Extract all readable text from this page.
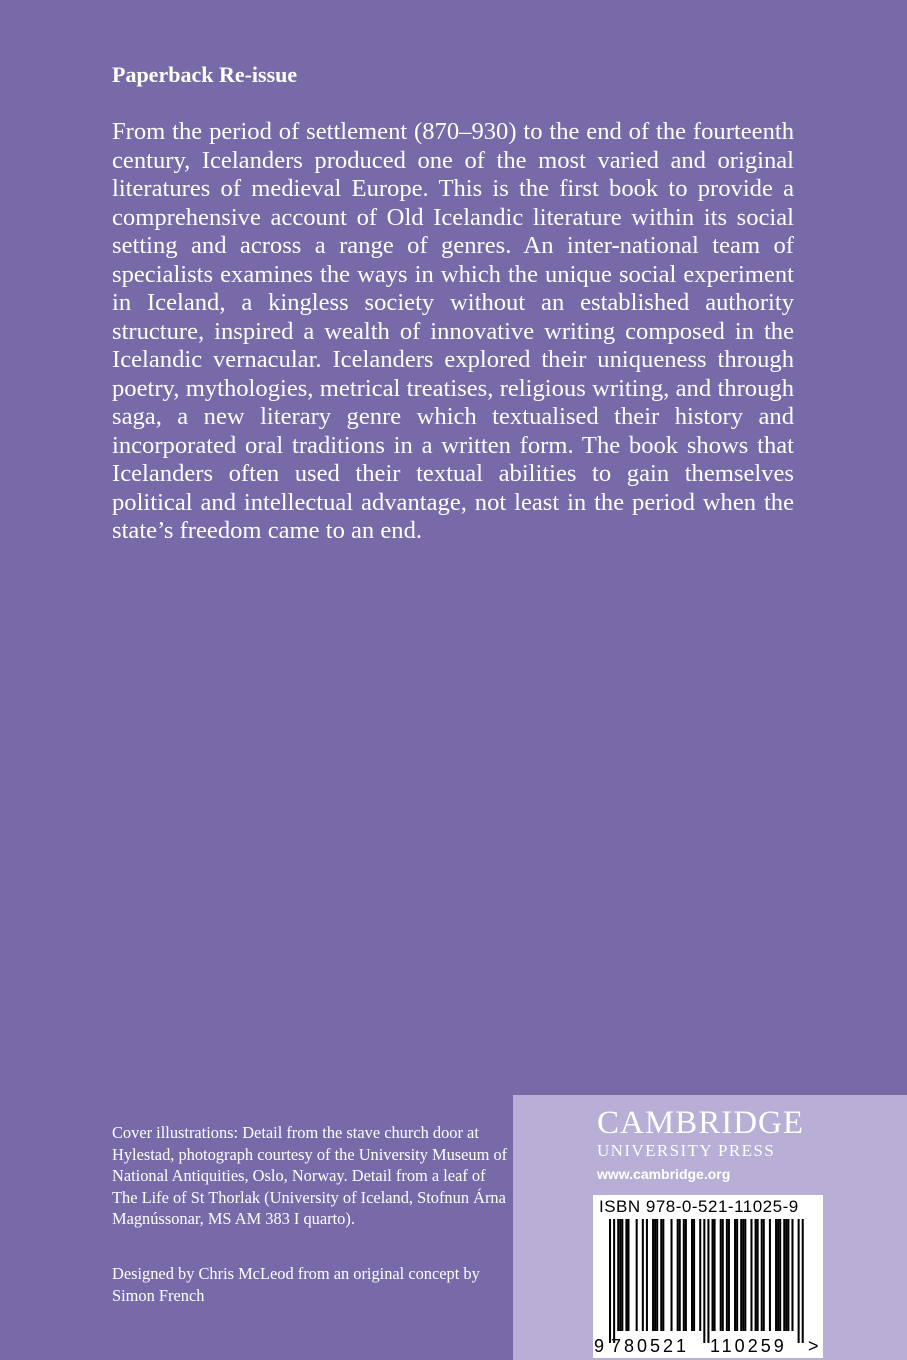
Paperback Re-issue

From the period of settlement (870–930) to the end of the fourteenth century, Icelanders produced one of the most varied and original literatures of medieval Europe. This is the first book to provide a comprehensive account of Old Icelandic literature within its social setting and across a range of genres. An inter-national team of specialists examines the ways in which the unique social experiment in Iceland, a kingless society without an established authority structure, inspired a wealth of innovative writing composed in the Icelandic vernacular. Icelanders explored their uniqueness through poetry, mythologies, metrical treatises, religious writing, and through saga, a new literary genre which textualised their history and incorporated oral traditions in a written form. The book shows that Icelanders often used their textual abilities to gain themselves political and intellectual advantage, not least in the period when the state’s freedom came to an end.

Cover illustrations: Detail from the stave church door at Hylestad, photograph courtesy of the University Museum of National Antiquities, Oslo, Norway. Detail from a leaf of The Life of St Thorlak (University of Iceland, Stofnun Árna Magnússonar, MS AM 383 I quarto).

Designed by Chris McLeod from an original concept by Simon French

CAMBRIDGE
UNIVERSITY PRESS
www.cambridge.org
9 780521 110259 >
ISBN 978-0-521-11025-9
